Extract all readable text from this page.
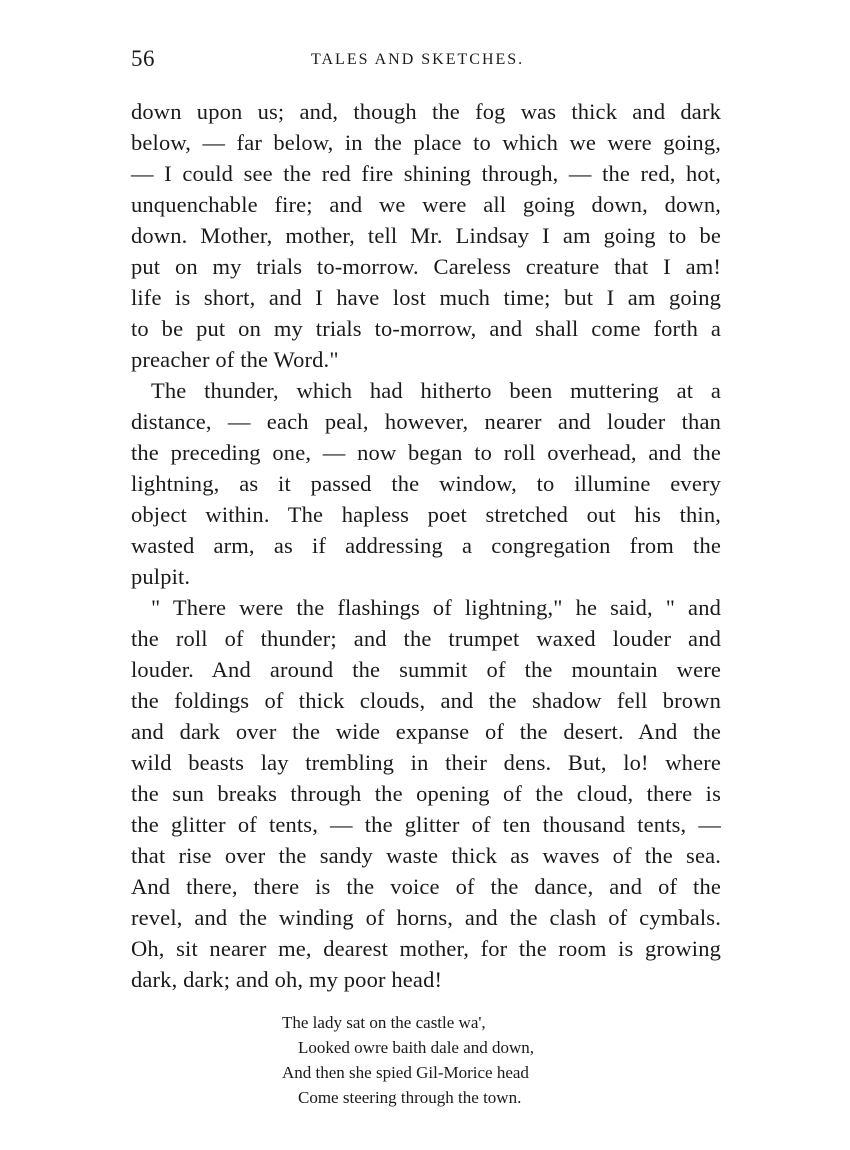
56	TALES AND SKETCHES.
down upon us; and, though the fog was thick and dark
below, — far below, in the place to which we were going,
— I could see the red fire shining through, — the red, hot,
unquenchable fire; and we were all going down, down,
down. Mother, mother, tell Mr. Lindsay I am going to be
put on my trials to-morrow. Careless creature that I am!
life is short, and I have lost much time; but I am going
to be put on my trials to-morrow, and shall come forth a
preacher of the Word."
The thunder, which had hitherto been muttering at a
distance, — each peal, however, nearer and louder than
the preceding one, — now began to roll overhead, and the
lightning, as it passed the window, to illumine every
object within. The hapless poet stretched out his thin,
wasted arm, as if addressing a congregation from the
pulpit.
" There were the flashings of lightning," he said, " and
the roll of thunder; and the trumpet waxed louder and
louder. And around the summit of the mountain were
the foldings of thick clouds, and the shadow fell brown
and dark over the wide expanse of the desert. And the
wild beasts lay trembling in their dens. But, lo! where
the sun breaks through the opening of the cloud, there is
the glitter of tents, — the glitter of ten thousand tents, —
that rise over the sandy waste thick as waves of the sea.
And there, there is the voice of the dance, and of the
revel, and the winding of horns, and the clash of cymbals.
Oh, sit nearer me, dearest mother, for the room is growing
dark, dark; and oh, my poor head!
The lady sat on the castle wa',
Looked owre baith dale and down,
And then she spied Gil-Morice head
Come steering through the town.
